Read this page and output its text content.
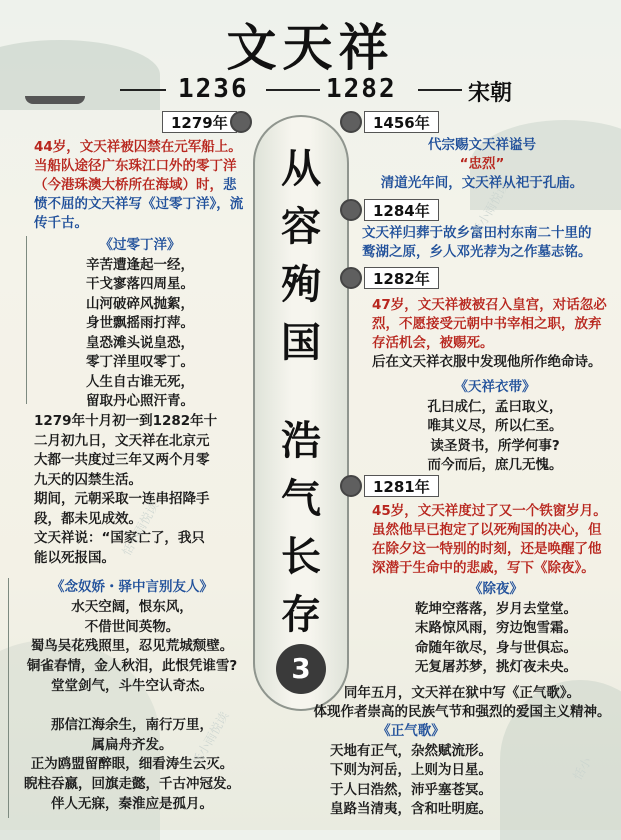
文天祥
1236	1282	宋朝
从
容
殉
国
浩
气
长
存
3
1279年
44岁，文天祥被囚禁在元军船上。当船队途径广东珠江口外的零丁洋（今港珠澳大桥所在海域）时，悲愤不屈的文天祥写《过零丁洋》，流传千古。
《过零丁洋》
辛苦遭逢起一经，
干戈寥落四周星。
山河破碎风抛絮，
身世飘摇雨打萍。
皇恐滩头说皇恐，
零丁洋里叹零丁。
人生自古谁无死，
留取丹心照汗青。
1279年十月初一到1282年十
二月初九日，文天祥在北京元
大都一共度过三年又两个月零
九天的囚禁生活。
期间，元朝采取一连串招降手
段，都未见成效。
文天祥说：“国家亡了，我只
能以死报国。
《念奴娇・驿中言别友人》
水天空阔，恨东风，
不借世间英物。
蜀鸟吴花残照里，忍见荒城颓壁。
铜雀春情，金人秋泪，此恨凭谁雪?
堂堂剑气，斗牛空认奇杰。
那信江海余生，南行万里，
属扁舟齐发。
正为鸥盟留醉眼，细看涛生云灭。
睨柱吞嬴，回旗走懿，千古冲冠发。
伴人无寐，秦淮应是孤月。
1456年
代宗赐文天祥谥号
“忠烈”
清道光年间，文天祥从祀于孔庙。
1284年
文天祥归葬于故乡富田村东南二十里的
鹜湖之原，乡人邓光荐为之作墓志铭。
1282年
47岁，文天祥被被召入皇宫，对话忽必
烈，不愿接受元朝中书宰相之职，放弃
存活机会，被赐死。
后在文天祥衣服中发现他所作绝命诗。
《天祥衣带》
孔曰成仁，孟曰取义，
唯其义尽，所以仁至。
读圣贤书，所学何事?
而今而后，庶几无愧。
1281年
45岁，文天祥度过了又一个铁窗岁月。
虽然他早已抱定了以死殉国的决心，但
在除夕这一特别的时刻，还是唤醒了他
深潜于生命中的悲戚，写下《除夜》。
《除夜》
乾坤空落落，岁月去堂堂。
末路惊风雨，穷边饱雪霜。
命随年欲尽，身与世俱忘。
无复屠苏梦，挑灯夜未央。
同年五月，文天祥在狱中写《正气歌》。
体现作者崇高的民族气节和强烈的爱国主义精神。
《正气歌》
天地有正气，杂然赋流形。
下则为河岳，上则为日星。
于人曰浩然，沛乎塞苍冥。
皇路当清夷，含和吐明庭。
恬小雨悦读
恬小雨悦读
恬小雨悦读
恬小
